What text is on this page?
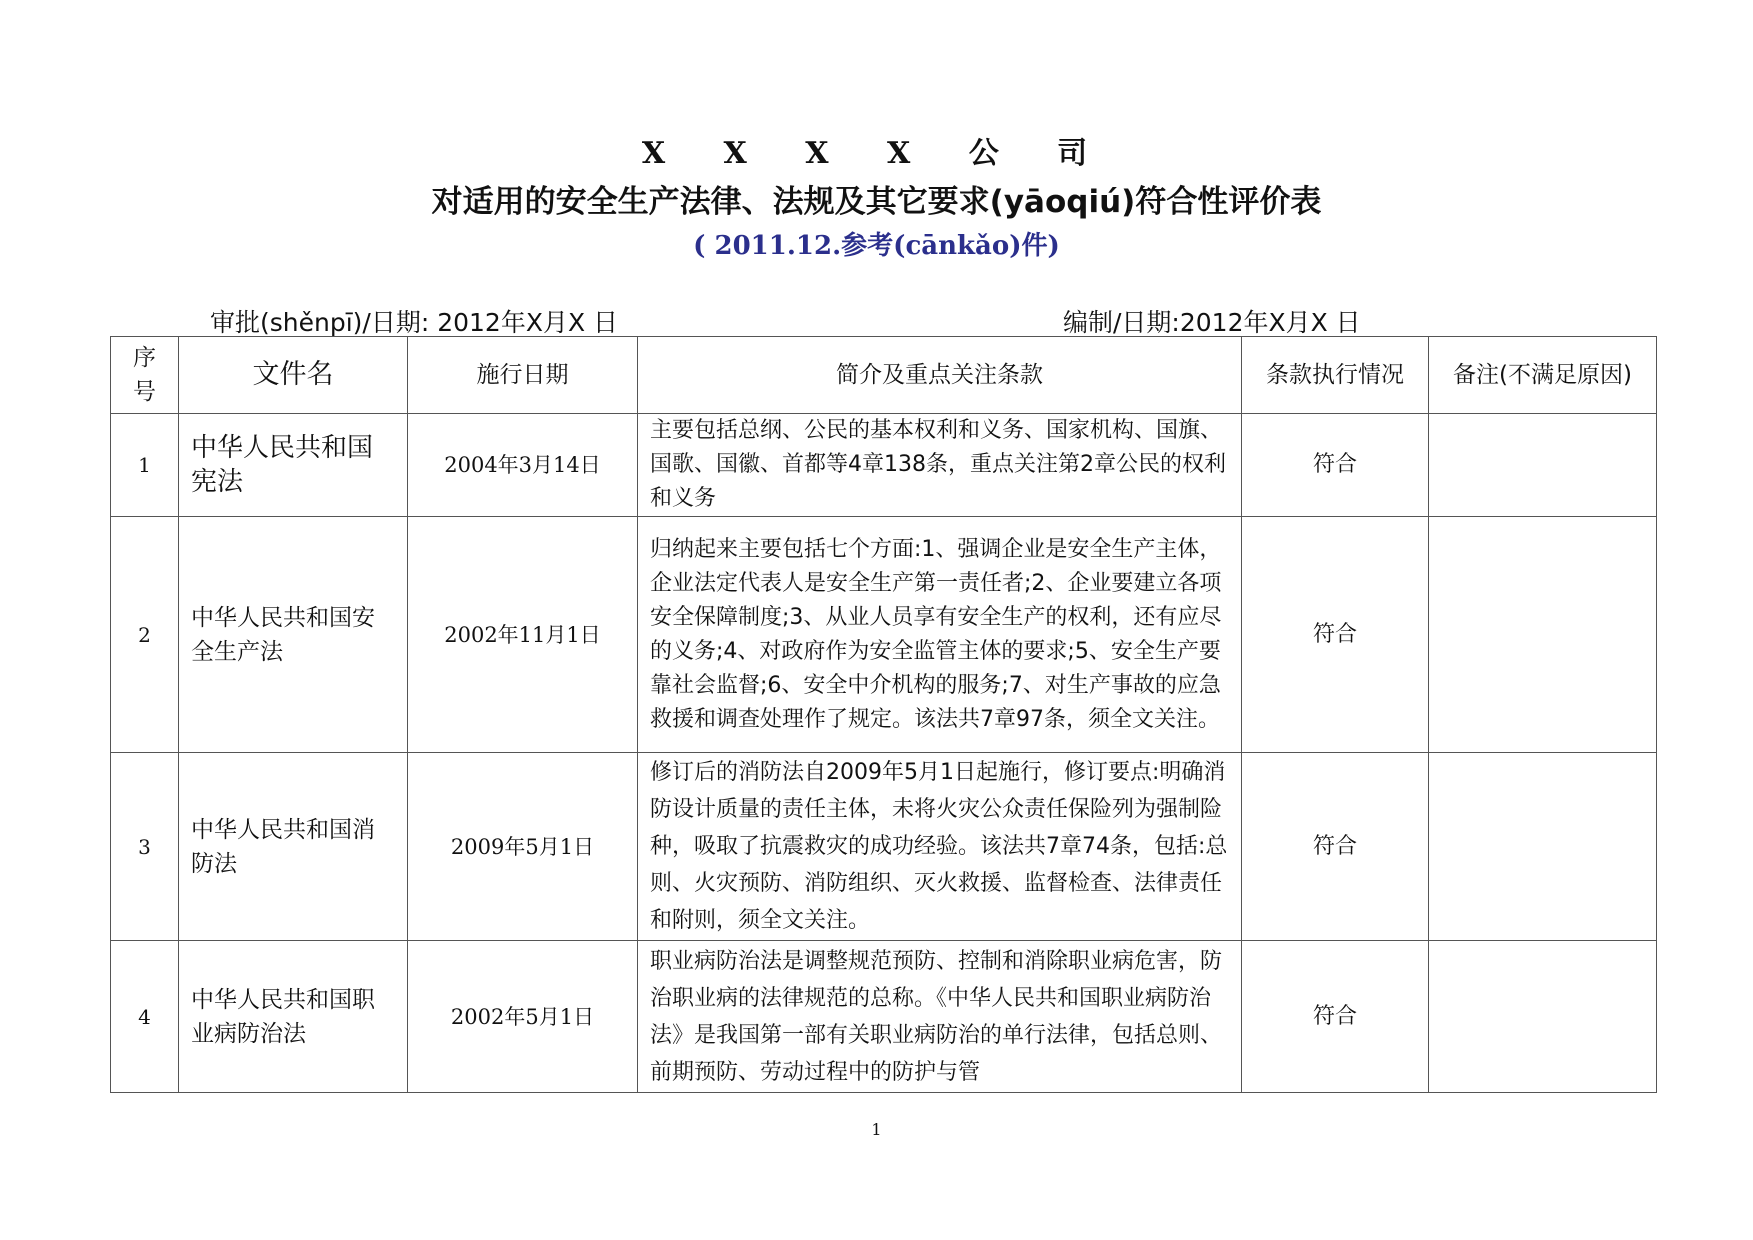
X X X X 公 司
对适用的安全生产法律、法规及其它要求(yāoqiú)符合性评价表
( 2011.12.参考(cānkǎo)件)
审批(shěnpī)/日期: 2012年X月X 日	编制/日期:2012年X月X 日
序号	文件名	施行日期	简介及重点关注条款	条款执行情况	备注(不满足原因)
1	中华人民共和国宪法	2004年3月14日	主要包括总纲、公民的基本权利和义务、国家机构、国旗、国歌、国徽、首都等4章138条，重点关注第2章公民的权利和义务	符合	
2	中华人民共和国安全生产法	2002年11月1日	归纳起来主要包括七个方面:1、强调企业是安全生产主体，企业法定代表人是安全生产第一责任者;2、企业要建立各项安全保障制度;3、从业人员享有安全生产的权利，还有应尽的义务;4、对政府作为安全监管主体的要求;5、安全生产要靠社会监督;6、安全中介机构的服务;7、对生产事故的应急救援和调查处理作了规定。该法共7章97条，须全文关注。	符合	
3	中华人民共和国消防法	2009年5月1日	修订后的消防法自2009年5月1日起施行，修订要点:明确消防设计质量的责任主体，未将火灾公众责任保险列为强制险种，吸取了抗震救灾的成功经验。该法共7章74条，包括:总则、火灾预防、消防组织、灭火救援、监督检查、法律责任和附则，须全文关注。	符合	
4	中华人民共和国职业病防治法	2002年5月1日	职业病防治法是调整规范预防、控制和消除职业病危害，防治职业病的法律规范的总称。《中华人民共和国职业病防治法》是我国第一部有关职业病防治的单行法律，包括总则、前期预防、劳动过程中的防护与管	符合	
1
